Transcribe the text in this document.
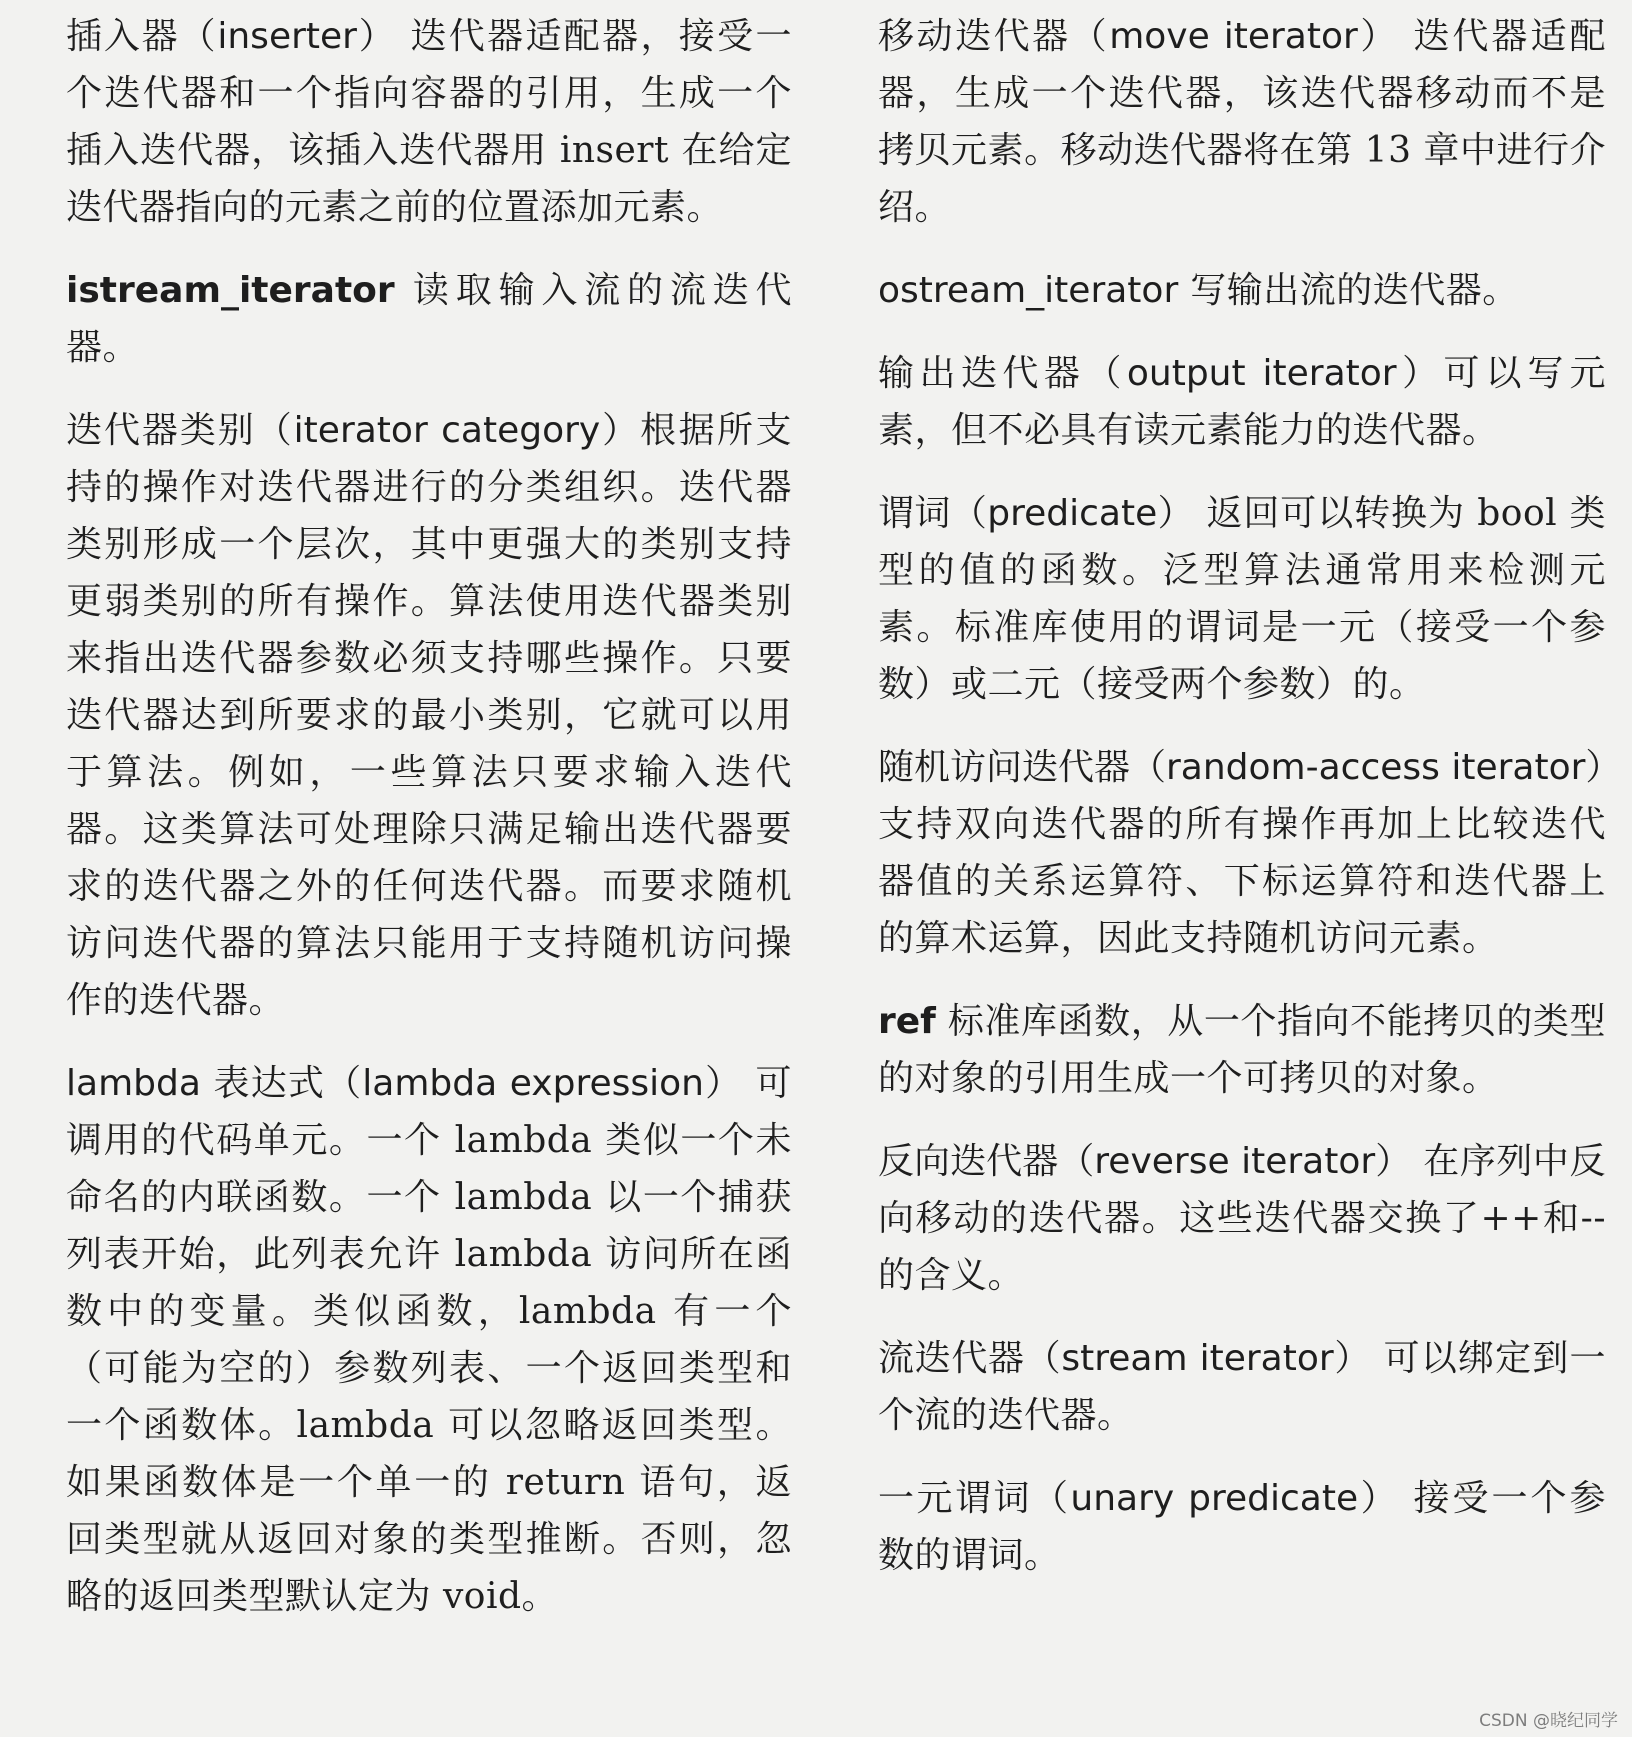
插入器（inserter） 迭代器适配器，接受一个迭代器和一个指向容器的引用，生成一个插入迭代器，该插入迭代器用 insert 在给定迭代器指向的元素之前的位置添加元素。

istream_iterator 读取输入流的流迭代器。

迭代器类别（iterator category）根据所支持的操作对迭代器进行的分类组织。迭代器类别形成一个层次，其中更强大的类别支持更弱类别的所有操作。算法使用迭代器类别来指出迭代器参数必须支持哪些操作。只要迭代器达到所要求的最小类别，它就可以用于算法。例如，一些算法只要求输入迭代器。这类算法可处理除只满足输出迭代器要求的迭代器之外的任何迭代器。而要求随机访问迭代器的算法只能用于支持随机访问操作的迭代器。

lambda 表达式（lambda expression） 可调用的代码单元。一个 lambda 类似一个未命名的内联函数。一个 lambda 以一个捕获列表开始，此列表允许 lambda 访问所在函数中的变量。类似函数，lambda 有一个（可能为空的）参数列表、一个返回类型和一个函数体。lambda 可以忽略返回类型。如果函数体是一个单一的 return 语句，返回类型就从返回对象的类型推断。否则，忽略的返回类型默认定为 void。

移动迭代器（move iterator） 迭代器适配器，生成一个迭代器，该迭代器移动而不是拷贝元素。移动迭代器将在第 13 章中进行介绍。

ostream_iterator 写输出流的迭代器。

输出迭代器（output iterator）可以写元素，但不必具有读元素能力的迭代器。

谓词（predicate） 返回可以转换为 bool 类型的值的函数。泛型算法通常用来检测元素。标准库使用的谓词是一元（接受一个参数）或二元（接受两个参数）的。

随机访问迭代器（random-access iterator）支持双向迭代器的所有操作再加上比较迭代器值的关系运算符、下标运算符和迭代器上的算术运算，因此支持随机访问元素。

ref 标准库函数，从一个指向不能拷贝的类型的对象的引用生成一个可拷贝的对象。

反向迭代器（reverse iterator） 在序列中反向移动的迭代器。这些迭代器交换了++和--的含义。

流迭代器（stream iterator） 可以绑定到一个流的迭代器。

一元谓词（unary predicate） 接受一个参数的谓词。

CSDN @晓纪同学
